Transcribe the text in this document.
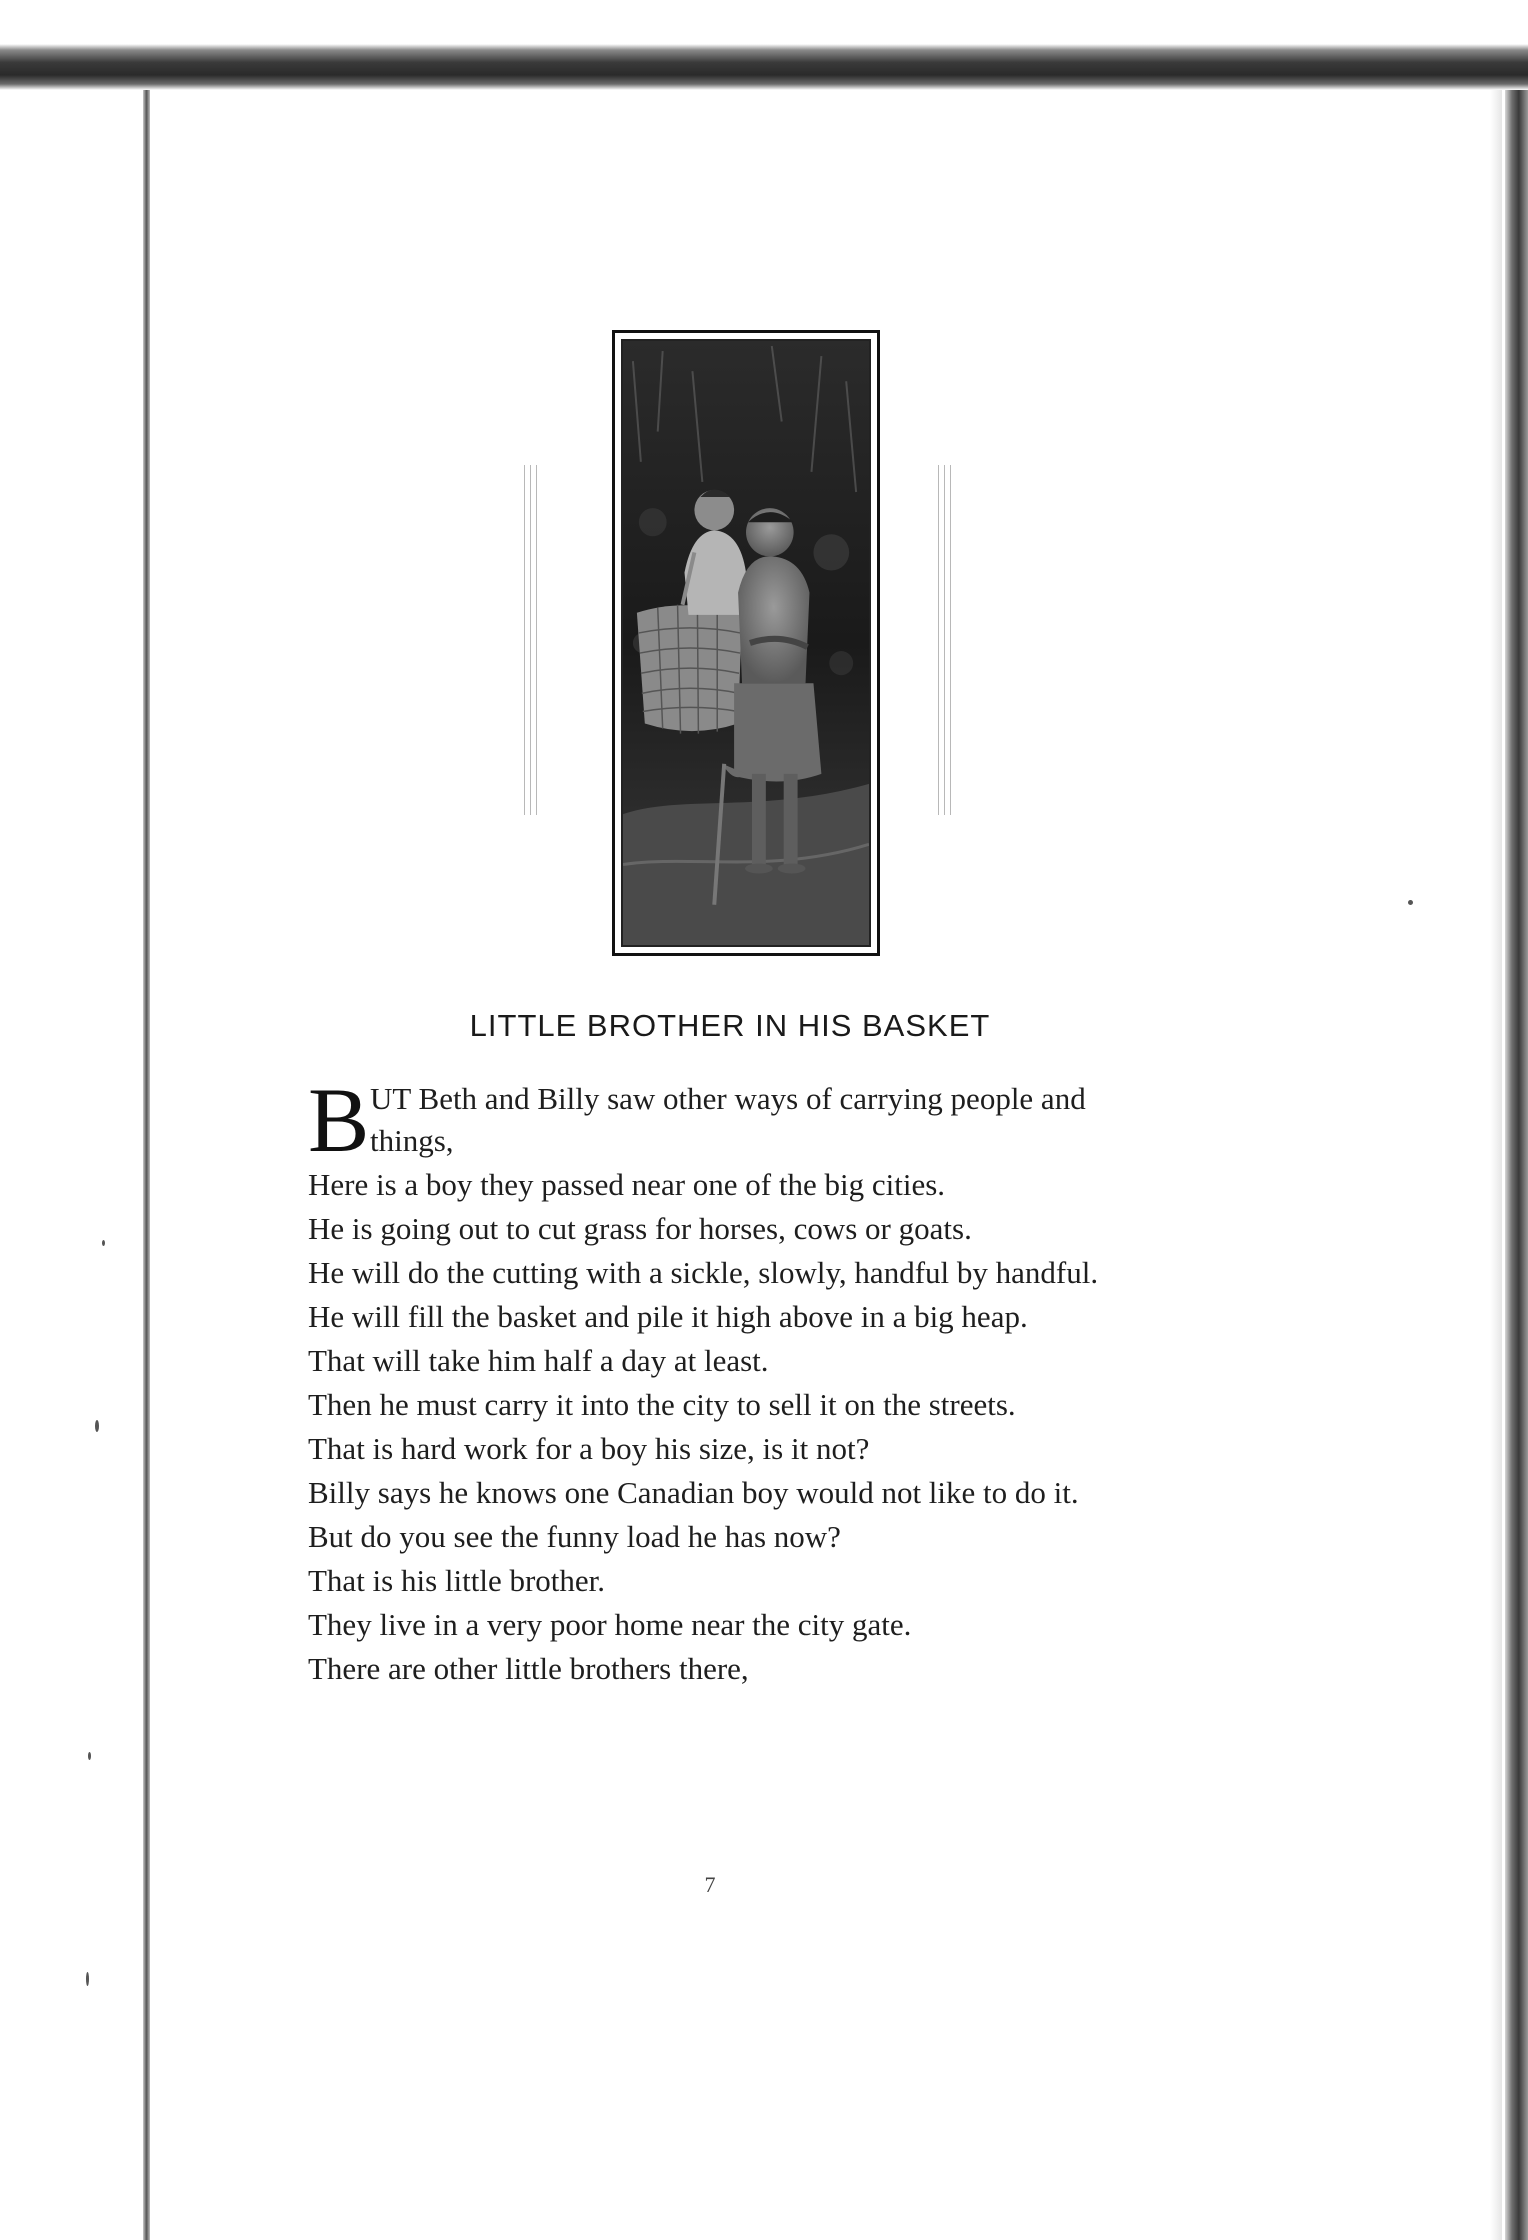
LITTLE BROTHER IN HIS BASKET
B UT Beth and Billy saw other ways of carrying people and things,
Here is a boy they passed near one of the big cities.
He is going out to cut grass for horses, cows or goats.
He will do the cutting with a sickle, slowly, handful by handful.
He will fill the basket and pile it high above in a big heap.
That will take him half a day at least.
Then he must carry it into the city to sell it on the streets.
That is hard work for a boy his size, is it not?
Billy says he knows one Canadian boy would not like to do it.
But do you see the funny load he has now?
That is his little brother.
They live in a very poor home near the city gate.
There are other little brothers there,
7
